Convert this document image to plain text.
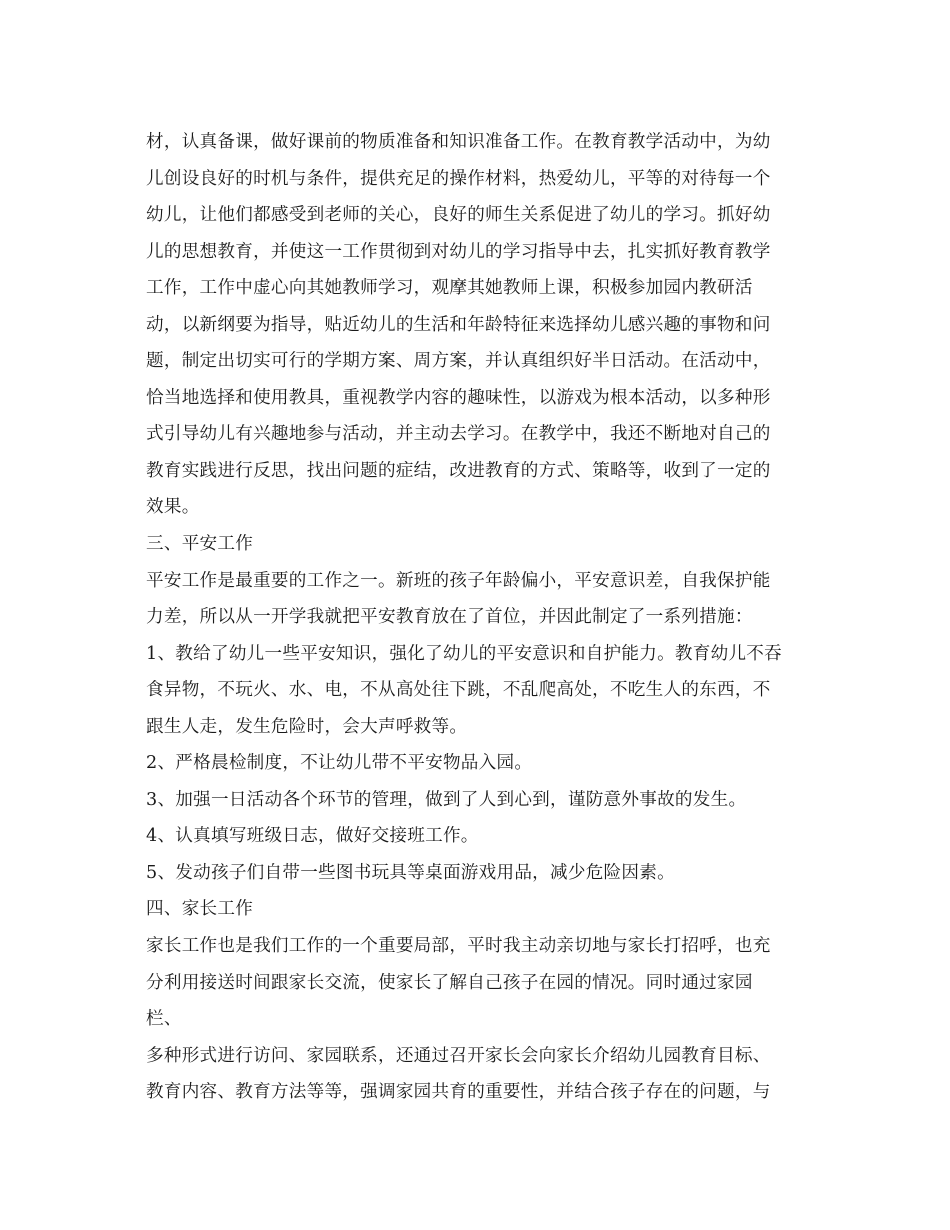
材，认真备课，做好课前的物质准备和知识准备工作。在教育教学活动中，为幼
儿创设良好的时机与条件，提供充足的操作材料，热爱幼儿，平等的对待每一个
幼儿，让他们都感受到老师的关心，良好的师生关系促进了幼儿的学习。抓好幼
儿的思想教育，并使这一工作贯彻到对幼儿的学习指导中去，扎实抓好教育教学
工作，工作中虚心向其她教师学习，观摩其她教师上课，积极参加园内教研活
动，以新纲要为指导，贴近幼儿的生活和年龄特征来选择幼儿感兴趣的事物和问
题，制定出切实可行的学期方案、周方案，并认真组织好半日活动。在活动中，
恰当地选择和使用教具，重视教学内容的趣味性，以游戏为根本活动，以多种形
式引导幼儿有兴趣地参与活动，并主动去学习。在教学中，我还不断地对自己的
教育实践进行反思，找出问题的症结，改进教育的方式、策略等，收到了一定的
效果。
三、平安工作
平安工作是最重要的工作之一。新班的孩子年龄偏小，平安意识差，自我保护能
力差，所以从一开学我就把平安教育放在了首位，并因此制定了一系列措施：
1、教给了幼儿一些平安知识，强化了幼儿的平安意识和自护能力。教育幼儿不吞
食异物，不玩火、水、电，不从高处往下跳，不乱爬高处，不吃生人的东西，不
跟生人走，发生危险时，会大声呼救等。
2、严格晨检制度，不让幼儿带不平安物品入园。
3、加强一日活动各个环节的管理，做到了人到心到，谨防意外事故的发生。
4、认真填写班级日志，做好交接班工作。
5、发动孩子们自带一些图书玩具等桌面游戏用品，减少危险因素。
四、家长工作
家长工作也是我们工作的一个重要局部，平时我主动亲切地与家长打招呼，也充
分利用接送时间跟家长交流，使家长了解自己孩子在园的情况。同时通过家园
栏、
多种形式进行访问、家园联系，还通过召开家长会向家长介绍幼儿园教育目标、
教育内容、教育方法等等，强调家园共育的重要性，并结合孩子存在的问题，与
